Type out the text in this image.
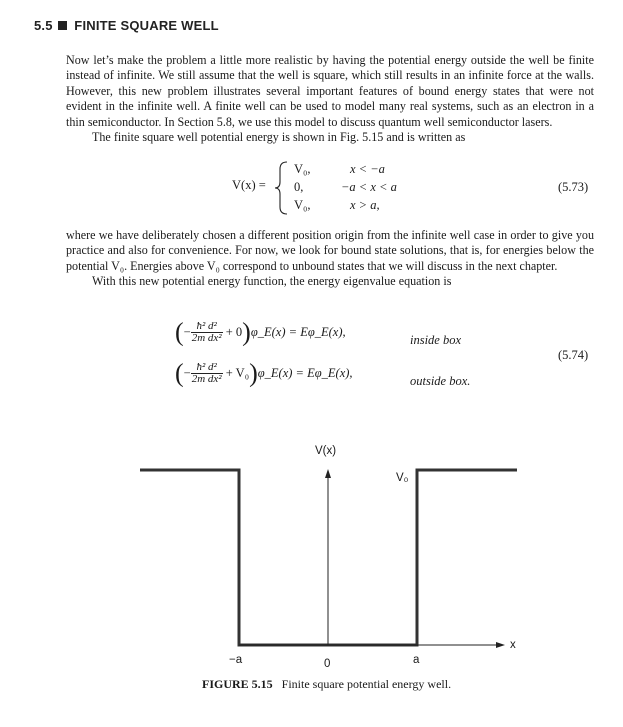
5.5 FINITE SQUARE WELL

Now let’s make the problem a little more realistic by having the potential energy outside the well be finite instead of infinite. We still assume that the well is square, which still results in an infinite force at the walls. However, this new problem illustrates several important features of bound energy states that were not evident in the infinite well. A finite well can be used to model many real systems, such as an electron in a thin semiconductor. In Section 5.8, we use this model to discuss quantum well semiconductor lasers.

The finite square well potential energy is shown in Fig. 5.15 and is written as

V(x) =
V₀,	x < −a
0,	−a < x < a
V₀,	x > a,
(5.73)

where we have deliberately chosen a different position origin from the infinite well case in order to give you practice and also for convenience. For now, we look for bound state solutions, that is, for energies below the potential V₀. Energies above V₀ correspond to unbound states that we will discuss in the next chapter.

With this new potential energy function, the energy eigenvalue equation is

(− $\frac{\text{ħ² d²}}{\text{2m dx²}}$ + 0)φ_E(x) = Eφ_E(x),
inside box
(− $\frac{\text{ħ² d²}}{\text{2m dx²}}$ + V₀)φ_E(x) = Eφ_E(x),
outside box.
(5.74)
V(x)
V₀
x
−a	0	a
FIGURE 5.15 Finite square potential energy well.
